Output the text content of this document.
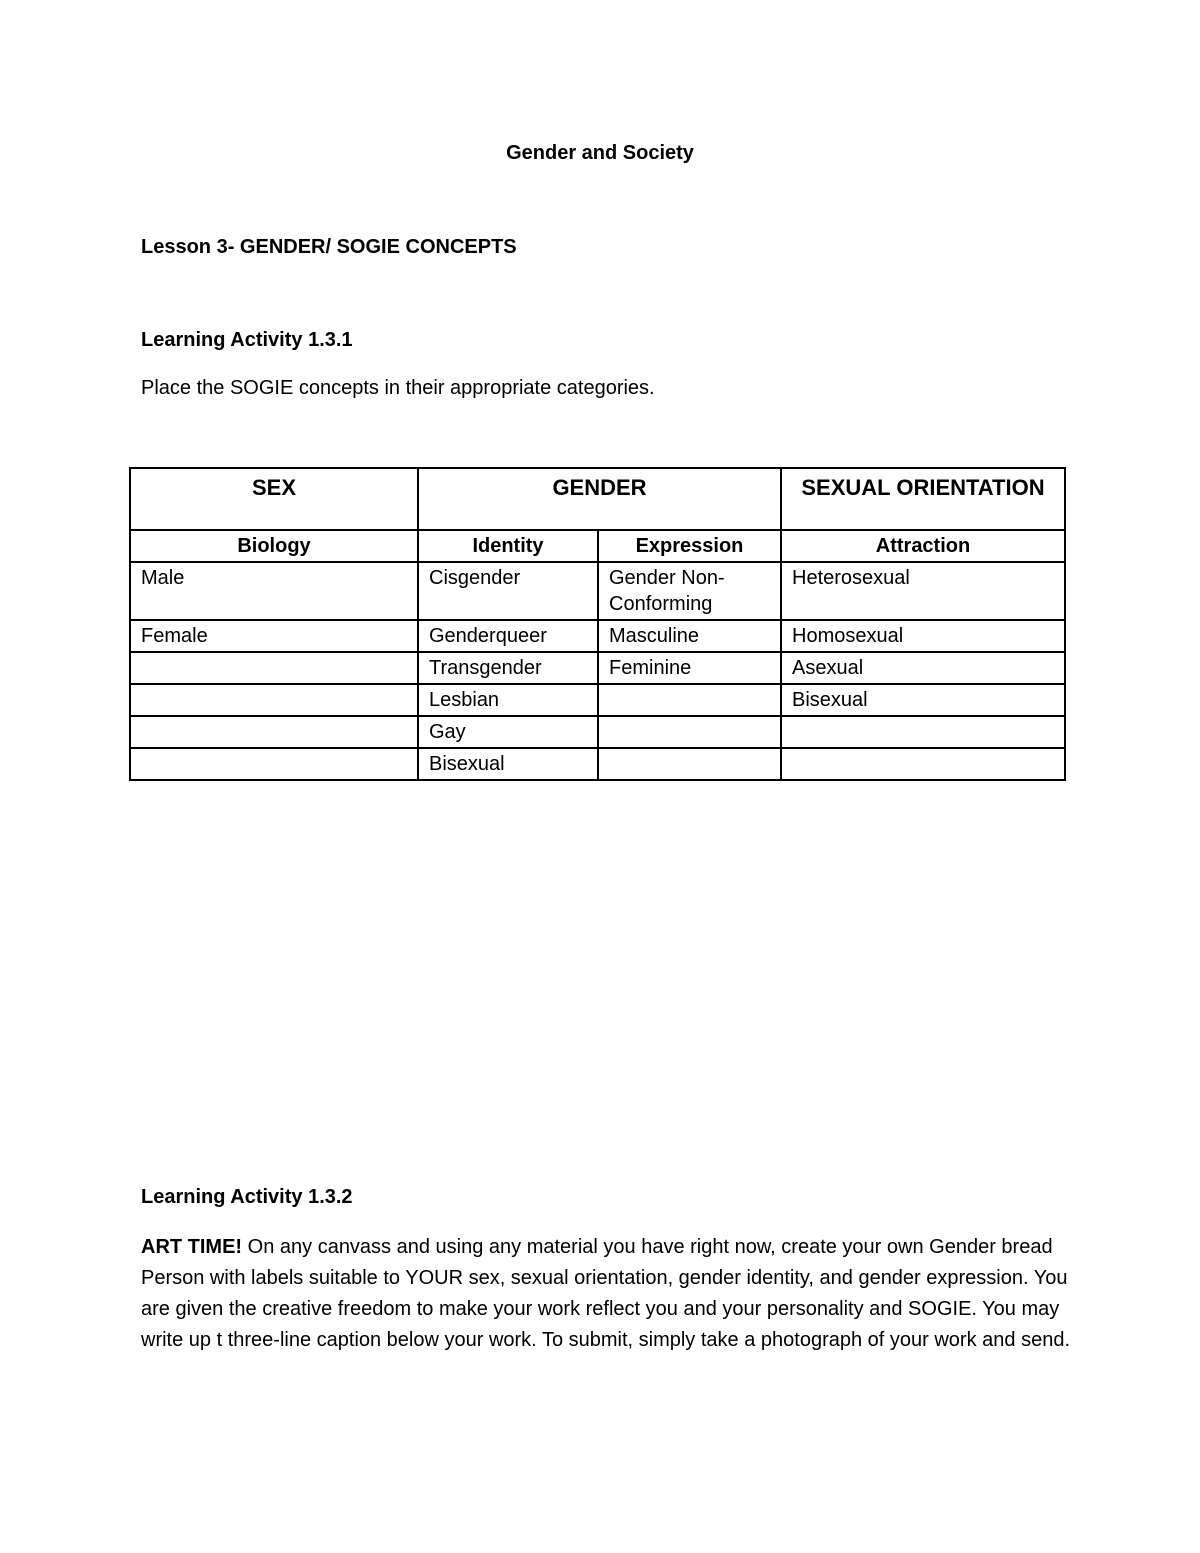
Gender and Society
Lesson 3- GENDER/ SOGIE CONCEPTS
Learning Activity 1.3.1
Place the SOGIE concepts in their appropriate categories.
SEX	GENDER		SEXUAL ORIENTATION
Biology	Identity	Expression	Attraction
Male	Cisgender	Gender Non-Conforming	Heterosexual
Female	Genderqueer	Masculine	Homosexual
	Transgender	Feminine	Asexual
	Lesbian		Bisexual
	Gay		
	Bisexual		
Learning Activity 1.3.2
ART TIME! On any canvass and using any material you have right now, create your own Gender bread Person with labels suitable to YOUR sex, sexual orientation, gender identity, and gender expression. You are given the creative freedom to make your work reflect you and your personality and SOGIE. You may write up t three-line caption below your work. To submit, simply take a photograph of your work and send.
